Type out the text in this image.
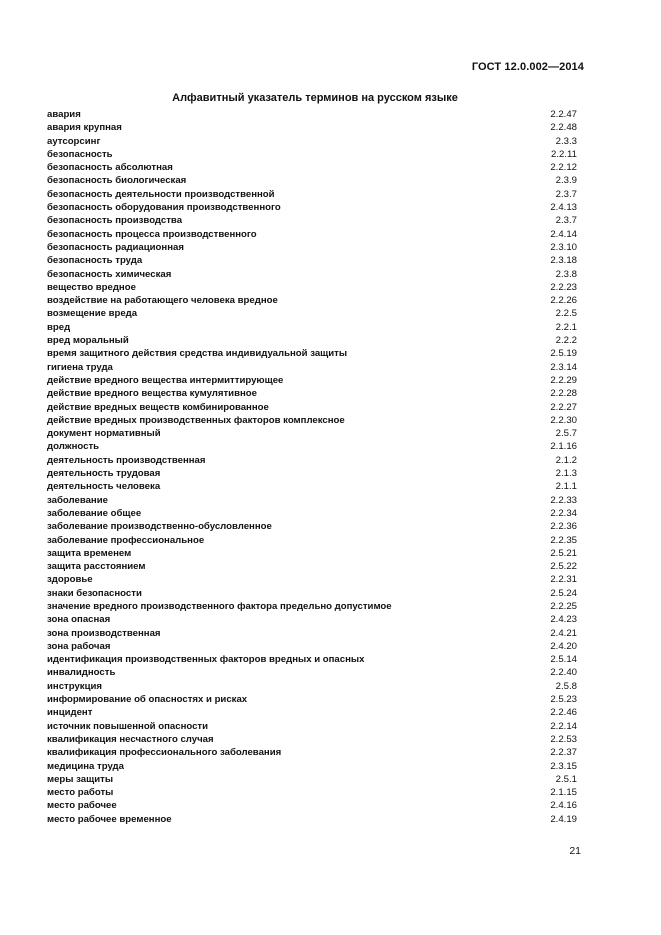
ГОСТ 12.0.002—2014
Алфавитный указатель терминов на русском языке
авария	2.2.47
авария крупная	2.2.48
аутсорсинг	2.3.3
безопасность	2.2.11
безопасность абсолютная	2.2.12
безопасность биологическая	2.3.9
безопасность деятельности производственной	2.3.7
безопасность оборудования производственного	2.4.13
безопасность производства	2.3.7
безопасность процесса производственного	2.4.14
безопасность радиационная	2.3.10
безопасность труда	2.3.18
безопасность химическая	2.3.8
вещество вредное	2.2.23
воздействие на работающего человека вредное	2.2.26
возмещение вреда	2.2.5
вред	2.2.1
вред моральный	2.2.2
время защитного действия средства индивидуальной защиты	2.5.19
гигиена труда	2.3.14
действие вредного вещества интермиттирующее	2.2.29
действие вредного вещества кумулятивное	2.2.28
действие вредных веществ комбинированное	2.2.27
действие вредных производственных факторов комплексное	2.2.30
документ нормативный	2.5.7
должность	2.1.16
деятельность производственная	2.1.2
деятельность трудовая	2.1.3
деятельность человека	2.1.1
заболевание	2.2.33
заболевание общее	2.2.34
заболевание производственно-обусловленное	2.2.36
заболевание профессиональное	2.2.35
защита временем	2.5.21
защита расстоянием	2.5.22
здоровье	2.2.31
знаки безопасности	2.5.24
значение вредного производственного фактора предельно допустимое	2.2.25
зона опасная	2.4.23
зона производственная	2.4.21
зона рабочая	2.4.20
идентификация производственных факторов вредных и опасных	2.5.14
инвалидность	2.2.40
инструкция	2.5.8
информирование об опасностях и рисках	2.5.23
инцидент	2.2.46
источник повышенной опасности	2.2.14
квалификация несчастного случая	2.2.53
квалификация профессионального заболевания	2.2.37
медицина труда	2.3.15
меры защиты	2.5.1
место работы	2.1.15
место рабочее	2.4.16
место рабочее временное	2.4.19
21
